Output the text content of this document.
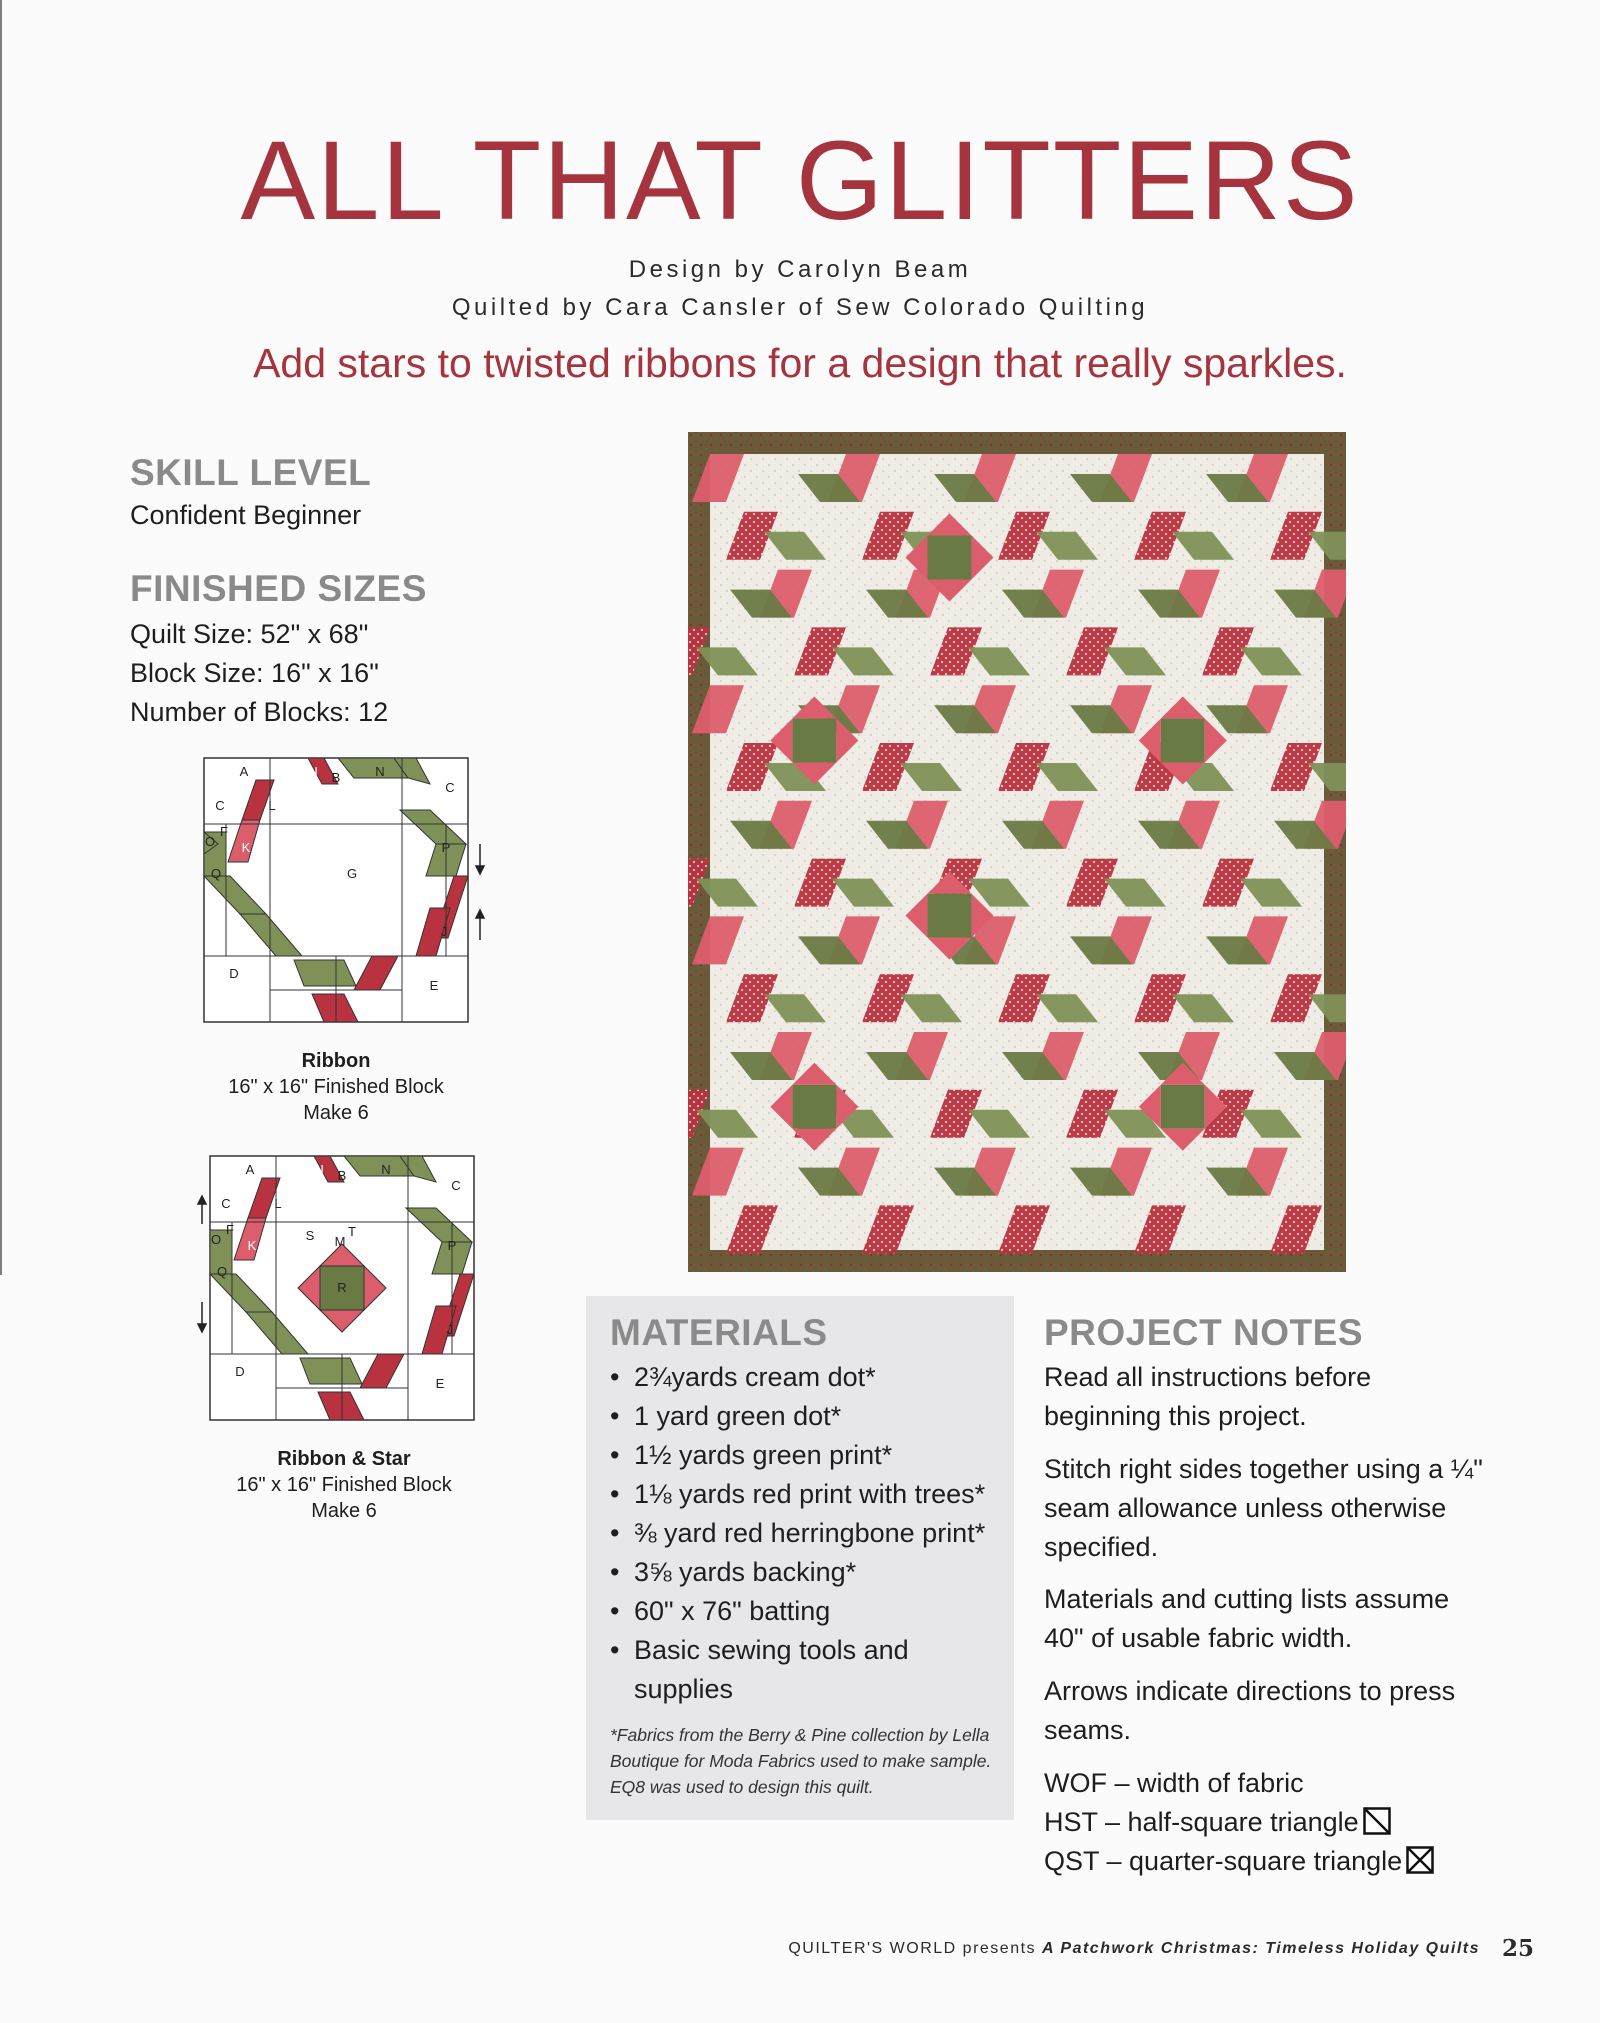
ALL THAT GLITTERS
Design by Carolyn Beam
Quilted by Cara Cansler of Sew Colorado Quilting
Add stars to twisted ribbons for a design that really sparkles.
SKILL LEVEL
Confident Beginner
FINISHED SIZES
Quilt Size: 52" x 68"
Block Size: 16" x 16"
Number of Blocks: 12
A	I B	N
C
C	L
F
O K	P
Q	G
J
D
E
Ribbon
16" x 16" Finished Block
Make 6
A	I B	N
C
C	L
F
O K	P
Q
S	T
M
R
J
D
E
Ribbon & Star
16" x 16" Finished Block
Make 6
MATERIALS
• 2¾yards cream dot*
• 1 yard green dot*
• 1½ yards green print*
• 1⅛ yards red print with trees*
• ⅜ yard red herringbone print*
• 3⅝ yards backing*
• 60" x 76" batting
• Basic sewing tools and supplies
*Fabrics from the Berry & Pine collection by Lella Boutique for Moda Fabrics used to make sample. EQ8 was used to design this quilt.
PROJECT NOTES

Read all instructions before beginning this project.

Stitch right sides together using a ¼" seam allowance unless otherwise specified.

Materials and cutting lists assume 40" of usable fabric width.

Arrows indicate directions to press seams.

WOF – width of fabric
HST – half-square triangle
QST – quarter-square triangle
QUILTER'S WORLD presents A Patchwork Christmas: Timeless Holiday Quilts 25
